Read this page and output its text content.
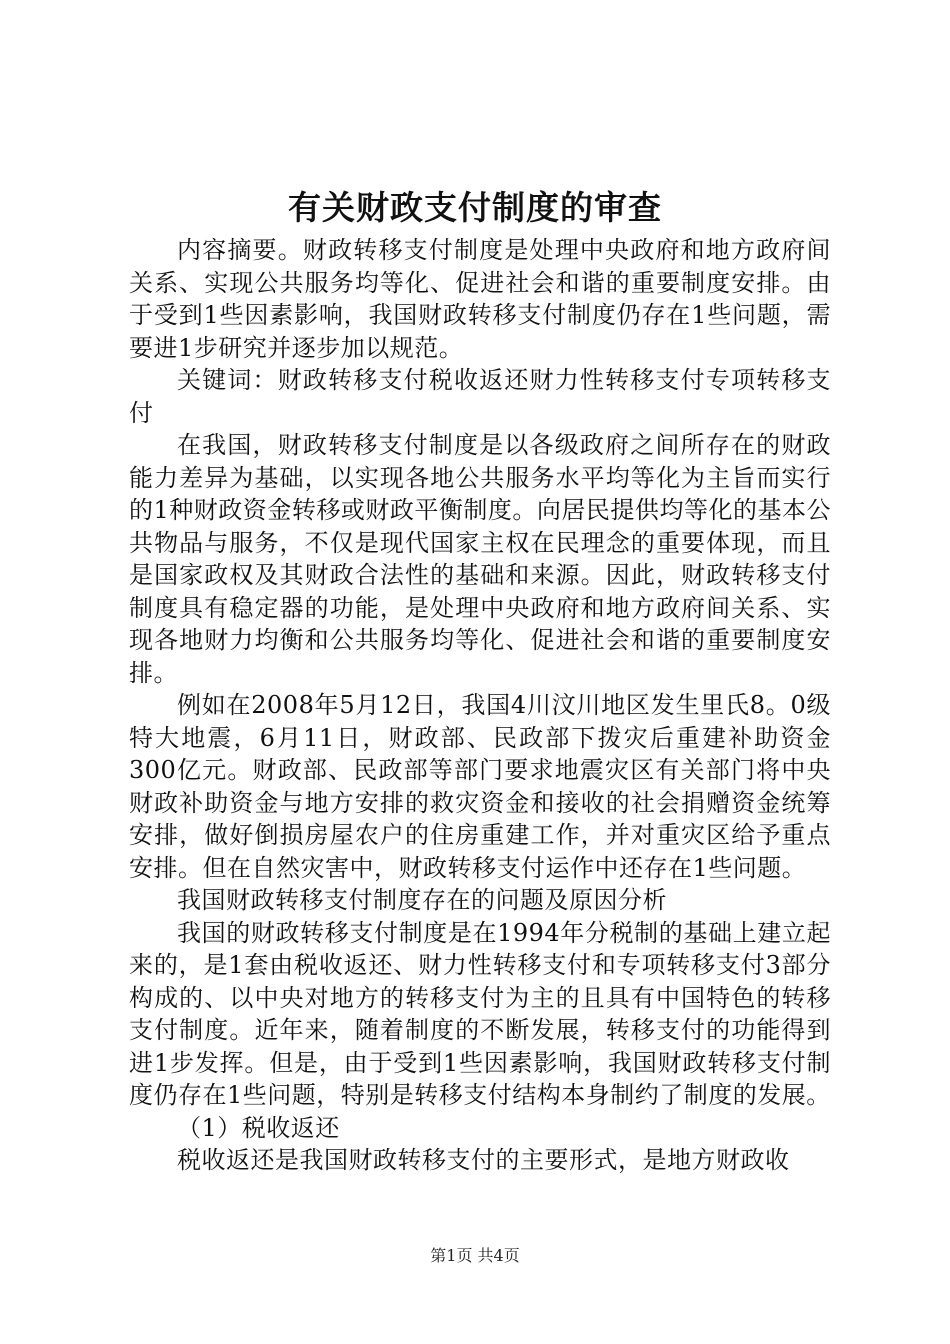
有关财政支付制度的审查

内容摘要。财政转移支付制度是处理中央政府和地方政府间关系、实现公共服务均等化、促进社会和谐的重要制度安排。由于受到1些因素影响，我国财政转移支付制度仍存在1些问题，需要进1步研究并逐步加以规范。

关键词：财政转移支付税收返还财力性转移支付专项转移支付

在我国，财政转移支付制度是以各级政府之间所存在的财政能力差异为基础，以实现各地公共服务水平均等化为主旨而实行的1种财政资金转移或财政平衡制度。向居民提供均等化的基本公共物品与服务，不仅是现代国家主权在民理念的重要体现，而且是国家政权及其财政合法性的基础和来源。因此，财政转移支付制度具有稳定器的功能，是处理中央政府和地方政府间关系、实现各地财力均衡和公共服务均等化、促进社会和谐的重要制度安排。

例如在2008年5月12日，我国4川汶川地区发生里氏8。0级特大地震，6月11日，财政部、民政部下拨灾后重建补助资金300亿元。财政部、民政部等部门要求地震灾区有关部门将中央财政补助资金与地方安排的救灾资金和接收的社会捐赠资金统筹安排，做好倒损房屋农户的住房重建工作，并对重灾区给予重点安排。但在自然灾害中，财政转移支付运作中还存在1些问题。

我国财政转移支付制度存在的问题及原因分析

我国的财政转移支付制度是在1994年分税制的基础上建立起来的，是1套由税收返还、财力性转移支付和专项转移支付3部分构成的、以中央对地方的转移支付为主的且具有中国特色的转移支付制度。近年来，随着制度的不断发展，转移支付的功能得到进1步发挥。但是，由于受到1些因素影响，我国财政转移支付制度仍存在1些问题，特别是转移支付结构本身制约了制度的发展。

（1）税收返还

税收返还是我国财政转移支付的主要形式，是地方财政收

第1页 共4页
